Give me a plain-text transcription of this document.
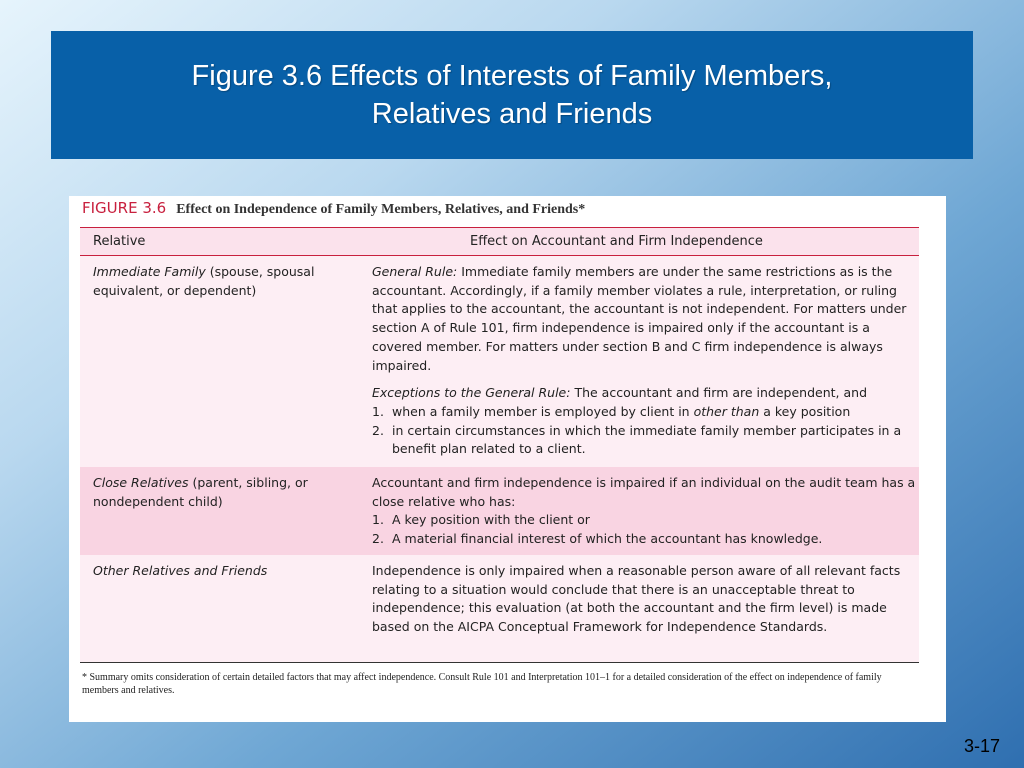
Figure 3.6 Effects of Interests of Family Members,
Relatives and Friends
FIGURE 3.6 Effect on Independence of Family Members, Relatives, and Friends*
Relative	Effect on Accountant and Firm Independence
Immediate Family (spouse, spousal equivalent, or dependent)

General Rule: Immediate family members are under the same restrictions as is the accountant. Accordingly, if a family member violates a rule, interpretation, or ruling that applies to the accountant, the accountant is not independent. For matters under section A of Rule 101, firm independence is impaired only if the accountant is a covered member. For matters under section B and C firm independence is always impaired.

Exceptions to the General Rule: The accountant and firm are independent, and

1. when a family member is employed by client in other than a key position
2. in certain circumstances in which the immediate family member participates in a benefit plan related to a client.
Close Relatives (parent, sibling, or nondependent child)

Accountant and firm independence is impaired if an individual on the audit team has a close relative who has:

1. A key position with the client or
2. A material financial interest of which the accountant has knowledge.
Other Relatives and Friends	Independence is only impaired when a reasonable person aware of all relevant facts relating to a situation would conclude that there is an unacceptable threat to independence; this evaluation (at both the accountant and the firm level) is made based on the AICPA Conceptual Framework for Independence Standards.

* Summary omits consideration of certain detailed factors that may affect independence. Consult Rule 101 and Interpretation 101–1 for a detailed consideration of the effect on independence of family members and relatives.
3-17
